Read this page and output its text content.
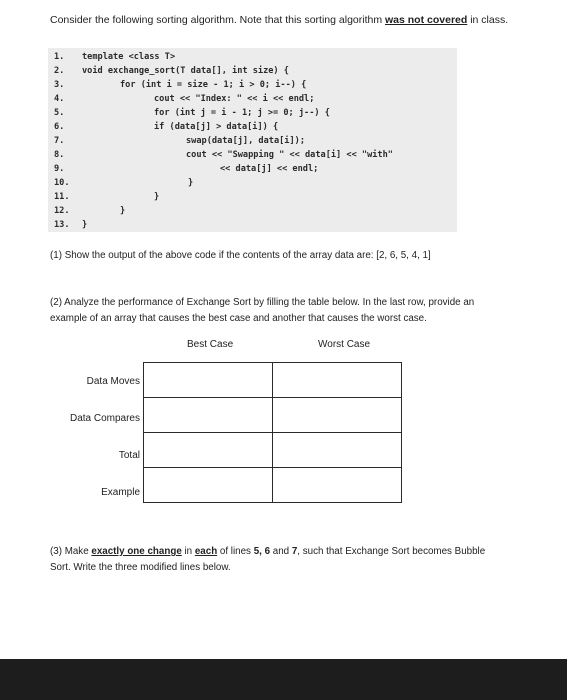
Consider the following sorting algorithm. Note that this sorting algorithm was not covered in class.
1. template <class T>
2. void exchange_sort(T data[], int size) {
3.	for (int i = size - 1; i > 0; i--) {
4.	cout << "Index: " << i << endl;
5.	for (int j = i - 1; j >= 0; j--) {
6.	if (data[j] > data[i]) {
7.	swap(data[j], data[i]);
8.	cout << "Swapping " << data[i] << "with"
9.	<< data[j] << endl;
10.	}
11.	}
12.	}
13. }
(1) Show the output of the above code if the contents of the array data are: [2, 6, 5, 4, 1]
(2) Analyze the performance of Exchange Sort by filling the table below. In the last row, provide an
example of an array that causes the best case and another that causes the worst case.
Best Case	Worst Case
Data Moves
Data Compares
Total
Example

(3) Make exactly one change in each of lines 5, 6 and 7, such that Exchange Sort becomes Bubble
Sort. Write the three modified lines below.
